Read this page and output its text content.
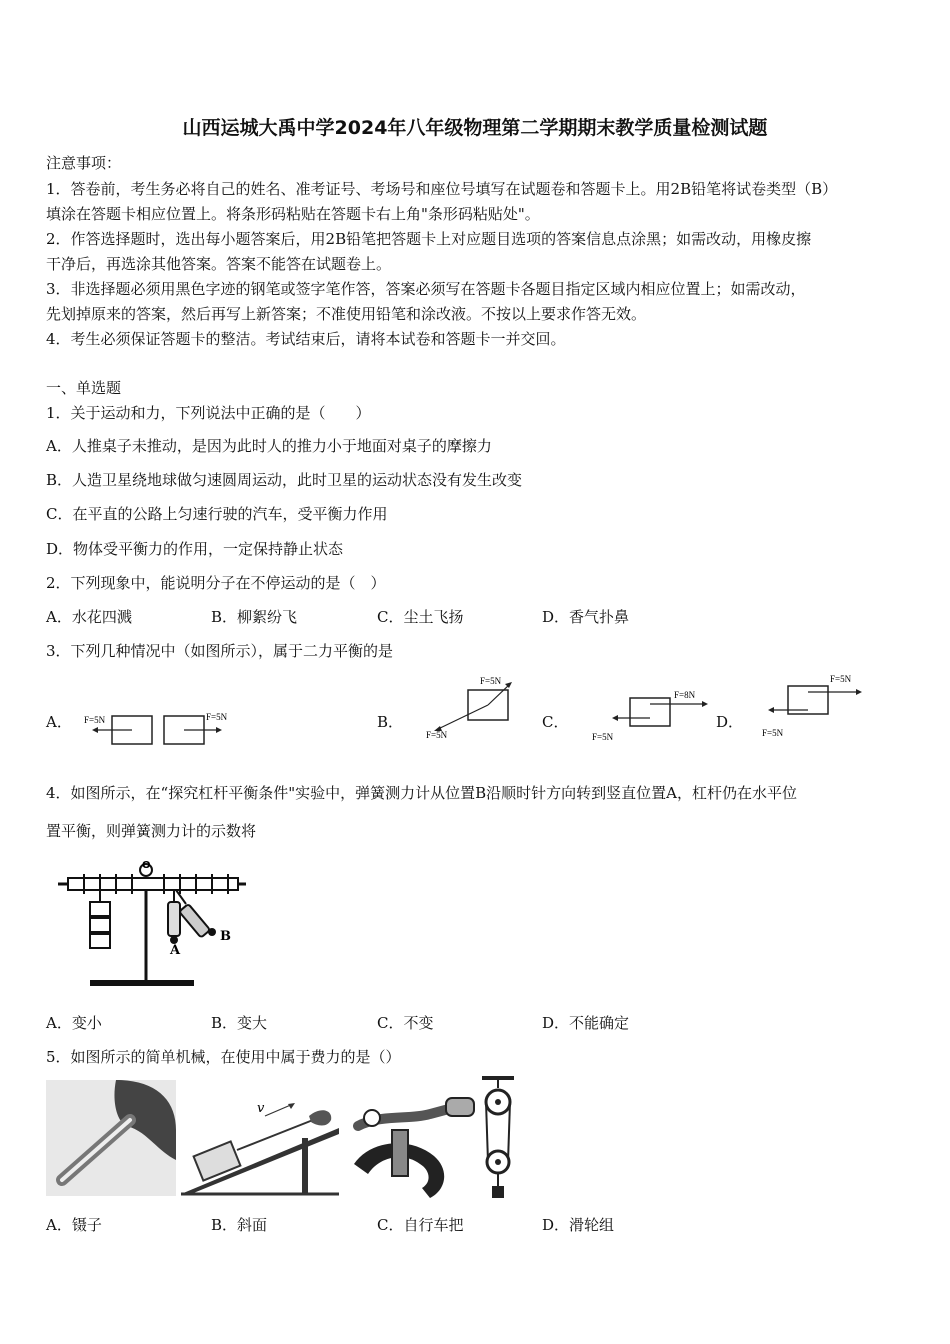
山西运城大禹中学2024年八年级物理第二学期期末教学质量检测试题
注意事项：
1．答卷前，考生务必将自己的姓名、准考证号、考场号和座位号填写在试题卷和答题卡上。用2B铅笔将试卷类型（B）
填涂在答题卡相应位置上。将条形码粘贴在答题卡右上角"条形码粘贴处"。
2．作答选择题时，选出每小题答案后，用2B铅笔把答题卡上对应题目选项的答案信息点涂黑；如需改动，用橡皮擦
干净后，再选涂其他答案。答案不能答在试题卷上。
3．非选择题必须用黑色字迹的钢笔或签字笔作答，答案必须写在答题卡各题目指定区域内相应位置上；如需改动，
先划掉原来的答案，然后再写上新答案；不准使用铅笔和涂改液。不按以上要求作答无效。
4．考生必须保证答题卡的整洁。考试结束后，请将本试卷和答题卡一并交回。
一、单选题
1．关于运动和力，下列说法中正确的是（　　）
A．人推桌子未推动，是因为此时人的推力小于地面对桌子的摩擦力
B．人造卫星绕地球做匀速圆周运动，此时卫星的运动状态没有发生改变
C．在平直的公路上匀速行驶的汽车，受平衡力作用
D．物体受平衡力的作用，一定保持静止状态
2．下列现象中，能说明分子在不停运动的是（　）
A．水花四溅	B．柳絮纷飞	C．尘土飞扬	D．香气扑鼻
3．下列几种情况中（如图所示），属于二力平衡的是
A．	B．	C．	D．
F=5N	F=5N
F=5N
F=5N
F=8N
F=5N
F=5N
F=5N
4．如图所示，在“探究杠杆平衡条件"实验中，弹簧测力计从位置B沿顺时针方向转到竖直位置A，杠杆仍在水平位
置平衡，则弹簧测力计的示数将
O
A
B
A．变小	B．变大	C．不变	D．不能确定
5．如图所示的简单机械，在使用中属于费力的是（）
v
A．镊子	B．斜面	C．自行车把	D．滑轮组
